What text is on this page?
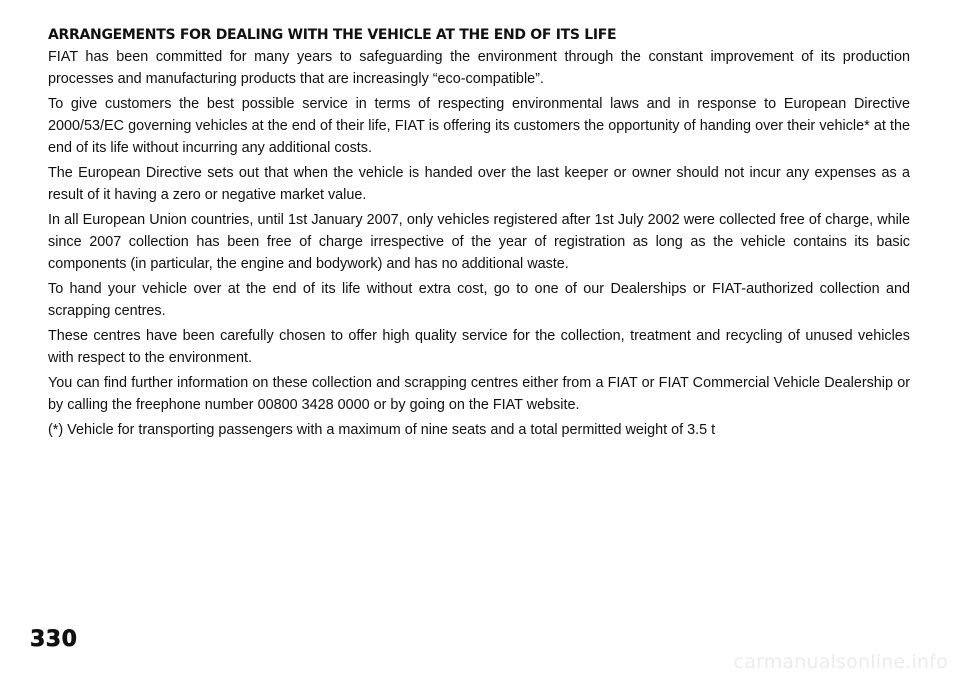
ARRANGEMENTS FOR DEALING WITH THE VEHICLE AT THE END OF ITS LIFE

FIAT has been committed for many years to safeguarding the environment through the constant improvement of its production processes and manufacturing products that are increasingly “eco-compatible”.

To give customers the best possible service in terms of respecting environmental laws and in response to European Directive 2000/53/EC governing vehicles at the end of their life, FIAT is offering its customers the opportunity of handing over their vehicle* at the end of its life without incurring any additional costs.

The European Directive sets out that when the vehicle is handed over the last keeper or owner should not incur any expenses as a result of it having a zero or negative market value.

In all European Union countries, until 1st January 2007, only vehicles registered after 1st July 2002 were collected free of charge, while since 2007 collection has been free of charge irrespective of the year of registration as long as the vehicle contains its basic components (in particular, the engine and bodywork) and has no additional waste.

To hand your vehicle over at the end of its life without extra cost, go to one of our Dealerships or FIAT-authorized collection and scrapping centres.

These centres have been carefully chosen to offer high quality service for the collection, treatment and recycling of unused vehicles with respect to the environment.

You can find further information on these collection and scrapping centres either from a FIAT or FIAT Commercial Vehicle Dealership or by calling the freephone number 00800 3428 0000 or by going on the FIAT website.

(*) Vehicle for transporting passengers with a maximum of nine seats and a total permitted weight of 3.5 t

330
carmanualsonline.info
